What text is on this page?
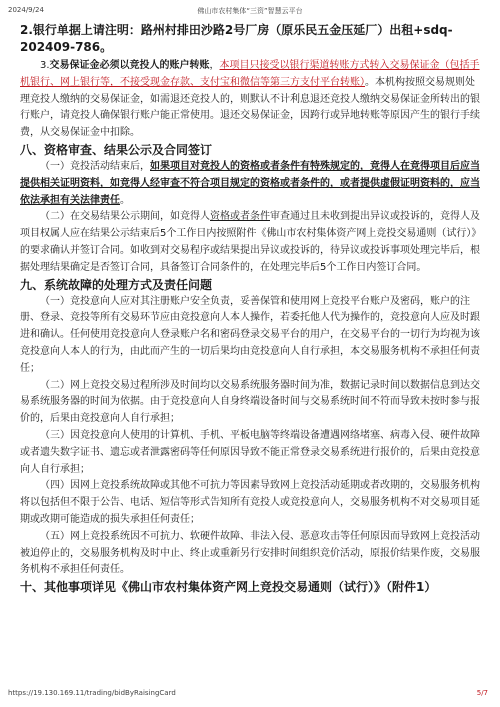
2024/9/24	佛山市农村集体“三资”智慧云平台

2.银行单据上请注明：路州村排田沙路2号厂房（原乐民五金压延厂）出租+sdq-202409-786。

3.交易保证金必须以竞投人的账户转账，本项目只接受以银行渠道转账方式转入交易保证金（包括手机银行、网上银行等，不接受现金存款、支付宝和微信等第三方支付平台转账）。本机构按照交易规则处理竞投人缴纳的交易保证金，如需退还竞投人的，则默认不计利息退还竞投人缴纳交易保证金所转出的银行账户，请竞投人确保银行账户能正常使用。退还交易保证金，因跨行或异地转账等原因产生的银行手续费，从交易保证金中扣除。

八、资格审查、结果公示及合同签订

（一）竞投活动结束后，如果项目对竞投人的资格或者条件有特殊规定的，竞得人在竞得项目后应当提供相关证明资料，如竞得人经审查不符合项目规定的资格或者条件的，或者提供虚假证明资料的，应当依法承担有关法律责任。

（二）在交易结果公示期间，如竞得人资格或者条件审查通过且未收到提出异议或投诉的，竞得人及项目权属人应在结果公示结束后5个工作日内按照附件《佛山市农村集体资产网上竞投交易通则（试行）》的要求确认并签订合同。如收到对交易程序或结果提出异议或投诉的，待异议或投诉事项处理完毕后，根据处理结果确定是否签订合同，具备签订合同条件的，在处理完毕后5个工作日内签订合同。

九、系统故障的处理方式及责任问题

（一）竞投意向人应对其注册账户安全负责，妥善保管和使用网上竞投平台账户及密码，账户的注册、登录、竞投等所有交易环节应由竞投意向人本人操作，若委托他人代为操作的，竞投意向人应及时跟进和确认。任何使用竞投意向人登录账户名和密码登录交易平台的用户，在交易平台的一切行为均视为该竞投意向人本人的行为，由此而产生的一切后果均由竞投意向人自行承担，本交易服务机构不承担任何责任；

（二）网上竞投交易过程所涉及时间均以交易系统服务器时间为准，数据记录时间以数据信息到达交易系统服务器的时间为依据。由于竞投意向人自身终端设备时间与交易系统时间不符而导致未按时参与报价的，后果由竞投意向人自行承担；

（三）因竞投意向人使用的计算机、手机、平板电脑等终端设备遭遇网络堵塞、病毒入侵、硬件故障或者遗失数字证书、遗忘或者泄露密码等任何原因导致不能正常登录交易系统进行报价的，后果由竞投意向人自行承担；

（四）因网上竞投系统故障或其他不可抗力等因素导致网上竞投活动延期或者改期的，交易服务机构将以包括但不限于公告、电话、短信等形式告知所有竞投人或竞投意向人，交易服务机构不对交易项目延期或改期可能造成的损失承担任何责任；

（五）网上竞投系统因不可抗力、软硬件故障、非法入侵、恶意攻击等任何原因而导致网上竞投活动被迫停止的，交易服务机构及时中止、终止或重新另行安排时间组织竞价活动，原报价结果作废，交易服务机构不承担任何责任。

十、其他事项详见《佛山市农村集体资产网上竞投交易通则（试行）》（附件1）

https://19.130.169.11/trading/bidByRaisingCard	5/7
